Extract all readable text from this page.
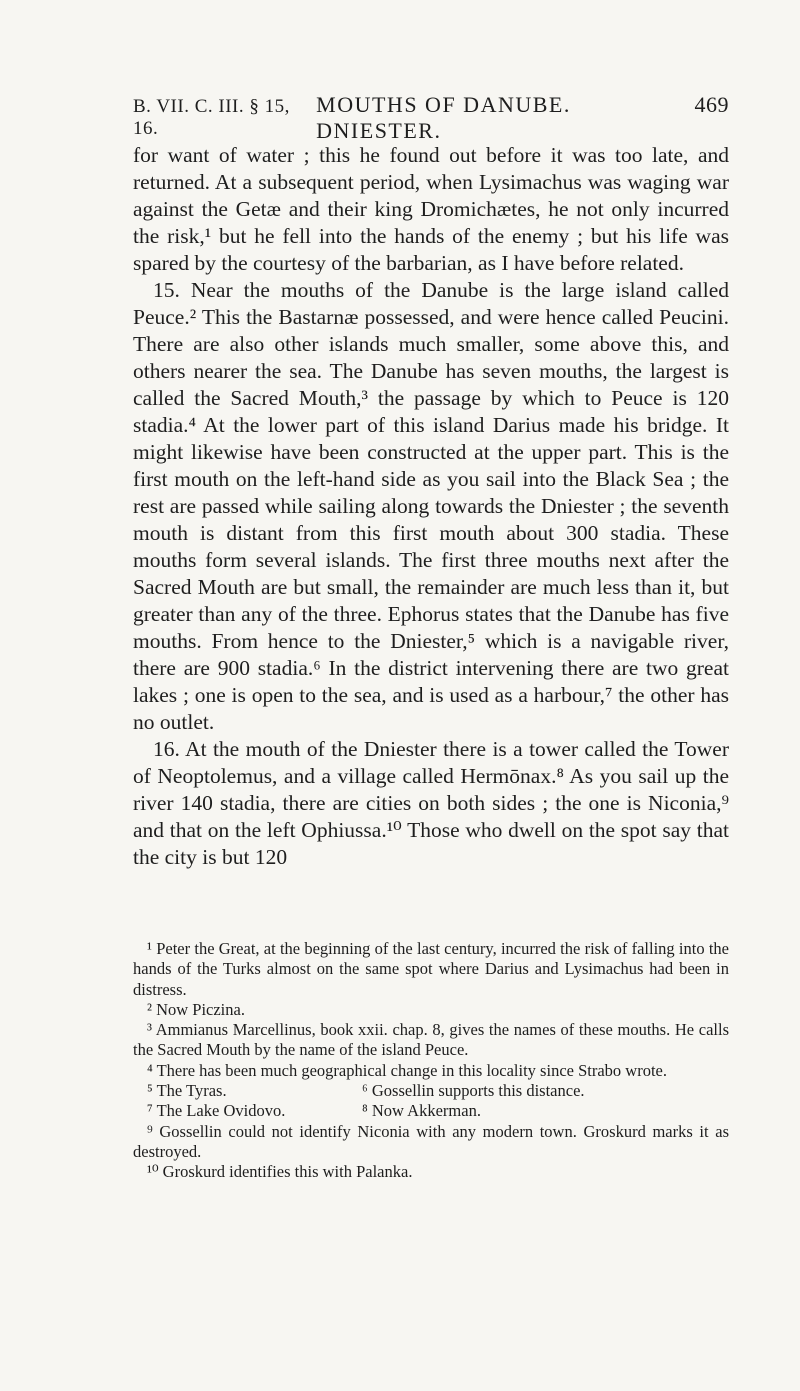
B. VII. C. III. § 15, 16.
MOUTHS OF DANUBE. DNIESTER.
469

for want of water ; this he found out before it was too late, and returned. At a subsequent period, when Lysimachus was waging war against the Getæ and their king Dromichætes, he not only incurred the risk,¹ but he fell into the hands of the enemy ; but his life was spared by the courtesy of the barbarian, as I have before related.

15. Near the mouths of the Danube is the large island called Peuce.² This the Bastarnæ possessed, and were hence called Peucini. There are also other islands much smaller, some above this, and others nearer the sea. The Danube has seven mouths, the largest is called the Sacred Mouth,³ the passage by which to Peuce is 120 stadia.⁴ At the lower part of this island Darius made his bridge. It might likewise have been constructed at the upper part. This is the first mouth on the left-hand side as you sail into the Black Sea ; the rest are passed while sailing along towards the Dniester ; the seventh mouth is distant from this first mouth about 300 stadia. These mouths form several islands. The first three mouths next after the Sacred Mouth are but small, the remainder are much less than it, but greater than any of the three. Ephorus states that the Danube has five mouths. From hence to the Dniester,⁵ which is a navigable river, there are 900 stadia.⁶ In the district intervening there are two great lakes ; one is open to the sea, and is used as a harbour,⁷ the other has no outlet.

16. At the mouth of the Dniester there is a tower called the Tower of Neoptolemus, and a village called Hermōnax.⁸ As you sail up the river 140 stadia, there are cities on both sides ; the one is Niconia,⁹ and that on the left Ophiussa.¹⁰ Those who dwell on the spot say that the city is but 120

¹ Peter the Great, at the beginning of the last century, incurred the risk of falling into the hands of the Turks almost on the same spot where Darius and Lysimachus had been in distress.

² Now Piczina.

³ Ammianus Marcellinus, book xxii. chap. 8, gives the names of these mouths. He calls the Sacred Mouth by the name of the island Peuce.

⁴ There has been much geographical change in this locality since Strabo wrote.

⁵ The Tyras.	⁶ Gossellin supports this distance.
⁷ The Lake Ovidovo.	⁸ Now Akkerman.

⁹ Gossellin could not identify Niconia with any modern town. Groskurd marks it as destroyed.

¹⁰ Groskurd identifies this with Palanka.
